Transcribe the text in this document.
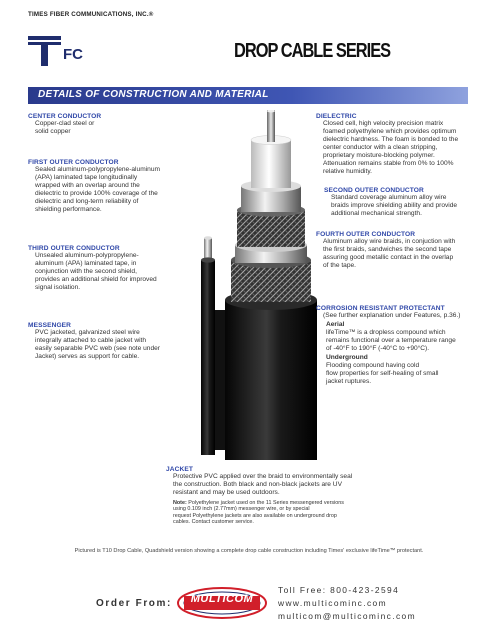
TIMES FIBER COMMUNICATIONS, INC.®
FC	DROP CABLE SERIES
DETAILS OF CONSTRUCTION AND MATERIAL
CENTER CONDUCTOR
Copper-clad steel or
solid copper
FIRST OUTER CONDUCTOR
Sealed aluminum-polypropylene-aluminum
(APA) laminated tape longitudinally
wrapped with an overlap around the
dielectric to provide 100% coverage of the
dielectric and long-term reliability of
shielding performance.
THIRD OUTER CONDUCTOR
Unsealed aluminum-polypropylene-
aluminum (APA) laminated tape, in
conjunction with the second shield,
provides an additional shield for improved
signal isolation.
MESSENGER
PVC jacketed, galvanized steel wire
integrally attached to cable jacket with
easily separable PVC web (see note under
Jacket) serves as support for cable.
DIELECTRIC
Closed cell, high velocity precision matrix
foamed polyethylene which provides optimum
dielectric hardness. The foam is bonded to the
center conductor with a clean stripping,
proprietary moisture-blocking polymer.
Attenuation remains stable from 0% to 100%
relative humidity.
SECOND OUTER CONDUCTOR
Standard coverage aluminum alloy wire
braids improve shielding ability and provide
additional mechanical strength.
FOURTH OUTER CONDUCTOR
Aluminum alloy wire braids, in conjuction with
the first braids, sandwiches the second tape
assuring good metallic contact in the overlap
of the tape.
CORROSION RESISTANT PROTECTANT
(See further explanation under Features, p.36.)
Aerial
lifeTime™ is a dropless compound which
remains functional over a temperature range
of -40°F to 190°F (-40°C to +90°C).
Underground
Flooding compound having cold
flow properties for self-healing of small
jacket ruptures.
JACKET
Protective PVC applied over the braid to environmentally seal
the construction. Both black and non-black jackets are UV
resistant and may be used outdoors.
Note: Polyethylene jacket used on the 11 Series messengered versions
using 0.109 inch (2.77mm) messenger wire, or by special
request Polyethylene jackets are also available on underground drop
cables. Contact customer service.
Pictured is T10 Drop Cable, Quadshield version showing a complete drop cable construction including Times' exclusive lifeTime™ protectant.
Order From:	MULTICOM
Toll Free: 800-423-2594
www.multicominc.com
multicom@multicominc.com
